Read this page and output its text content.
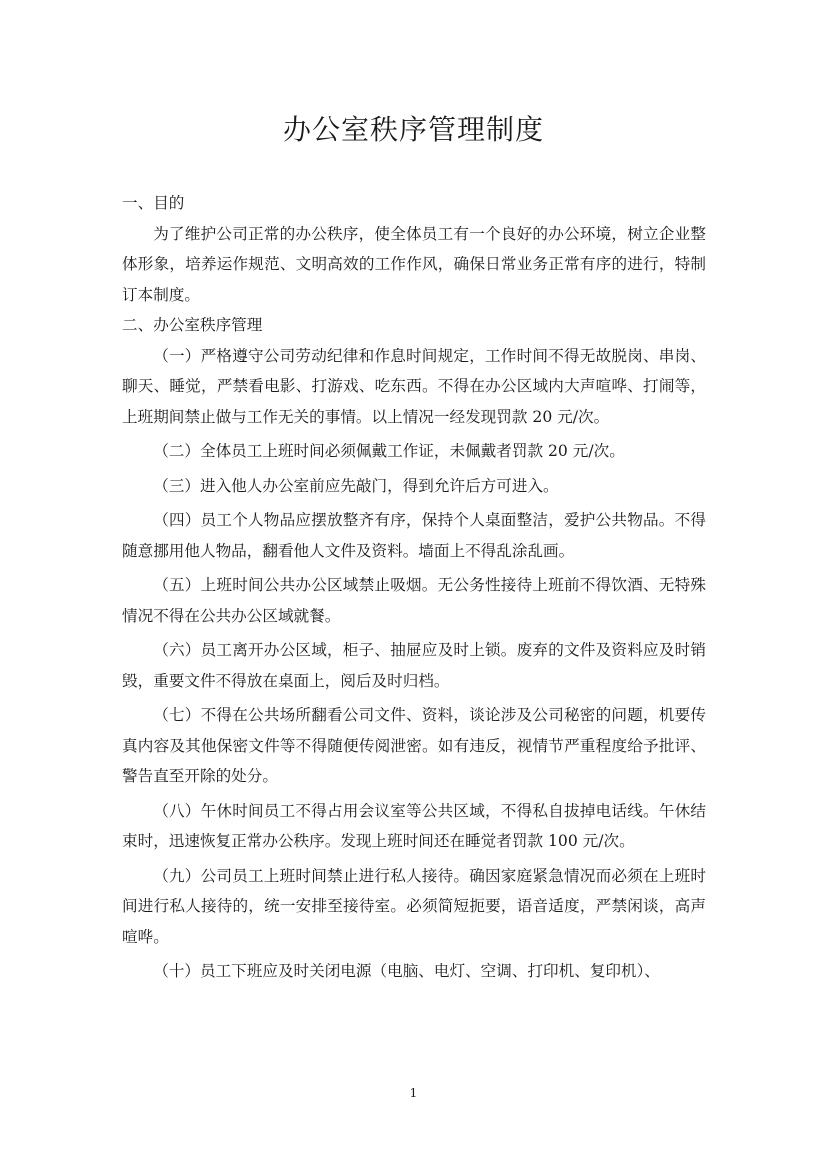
办公室秩序管理制度
一、目的

为了维护公司正常的办公秩序，使全体员工有一个良好的办公环境，树立企业整体形象，培养运作规范、文明高效的工作作风，确保日常业务正常有序的进行，特制订本制度。

二、办公室秩序管理

（一）严格遵守公司劳动纪律和作息时间规定，工作时间不得无故脱岗、串岗、聊天、睡觉，严禁看电影、打游戏、吃东西。不得在办公区域内大声喧哗、打闹等，上班期间禁止做与工作无关的事情。以上情况一经发现罚款 20 元/次。

（二）全体员工上班时间必须佩戴工作证，未佩戴者罚款 20 元/次。

（三）进入他人办公室前应先敲门，得到允许后方可进入。

（四）员工个人物品应摆放整齐有序，保持个人桌面整洁，爱护公共物品。不得随意挪用他人物品，翻看他人文件及资料。墙面上不得乱涂乱画。

（五）上班时间公共办公区域禁止吸烟。无公务性接待上班前不得饮酒、无特殊情况不得在公共办公区域就餐。

（六）员工离开办公区域，柜子、抽屉应及时上锁。废弃的文件及资料应及时销毁，重要文件不得放在桌面上，阅后及时归档。

（七）不得在公共场所翻看公司文件、资料，谈论涉及公司秘密的问题，机要传真内容及其他保密文件等不得随便传阅泄密。如有违反，视情节严重程度给予批评、警告直至开除的处分。

（八）午休时间员工不得占用会议室等公共区域，不得私自拔掉电话线。午休结束时，迅速恢复正常办公秩序。发现上班时间还在睡觉者罚款 100 元/次。

（九）公司员工上班时间禁止进行私人接待。确因家庭紧急情况而必须在上班时间进行私人接待的，统一安排至接待室。必须简短扼要，语音适度，严禁闲谈，高声喧哗。

（十）员工下班应及时关闭电源（电脑、电灯、空调、打印机、复印机）、

1
